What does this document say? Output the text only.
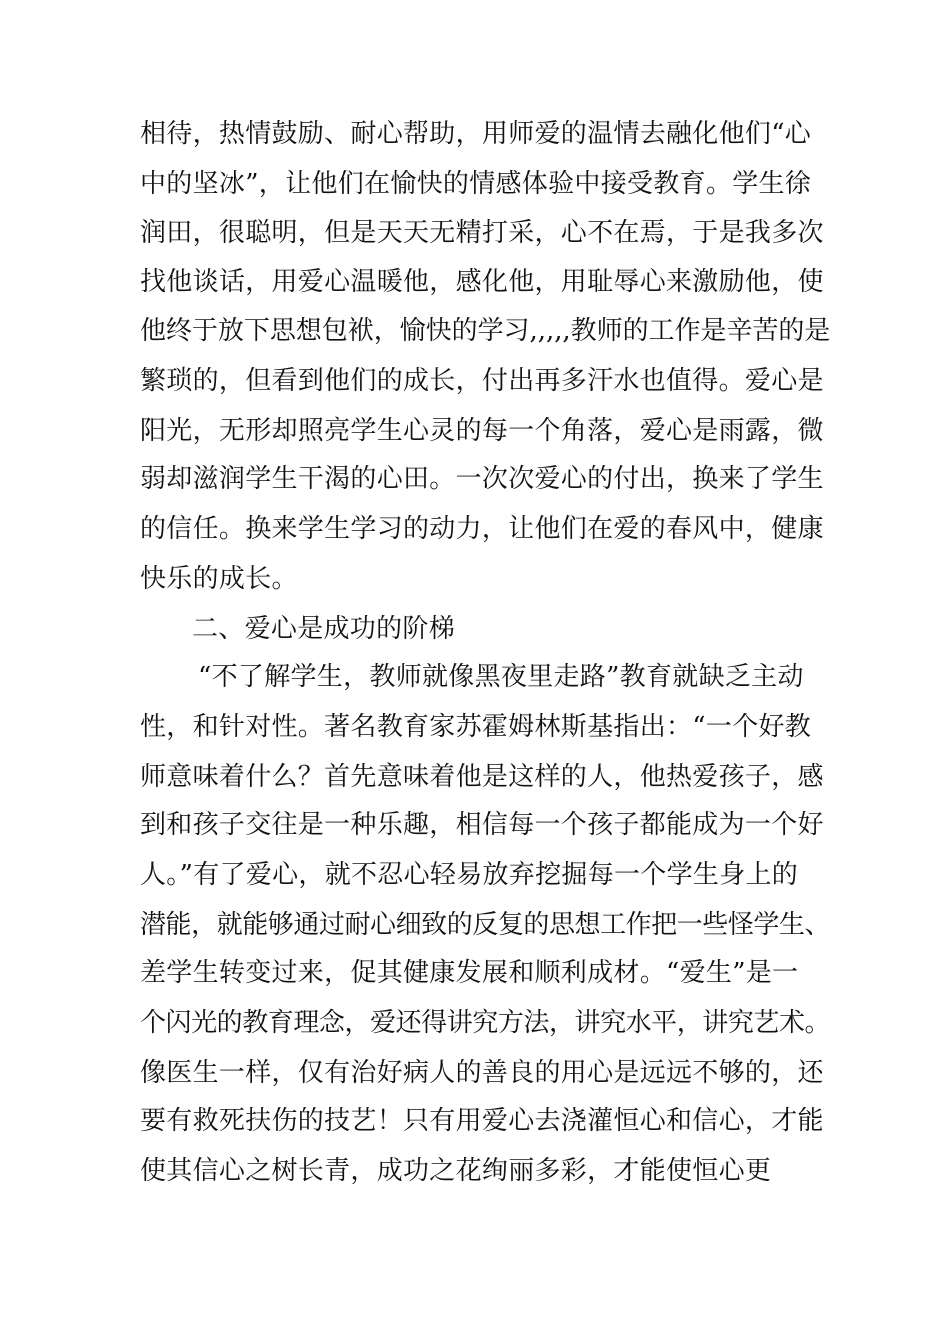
相待，热情鼓励、耐心帮助，用师爱的温情去融化他们“心
中的坚冰”，让他们在愉快的情感体验中接受教育。学生徐
润田，很聪明，但是天天无精打采，心不在焉，于是我多次
找他谈话，用爱心温暖他，感化他，用耻辱心来激励他，使
他终于放下思想包袱，愉快的学习,,,,,教师的工作是辛苦的是
繁琐的，但看到他们的成长，付出再多汗水也值得。爱心是
阳光，无形却照亮学生心灵的每一个角落，爱心是雨露，微
弱却滋润学生干渴的心田。一次次爱心的付出，换来了学生
的信任。换来学生学习的动力，让他们在爱的春风中，健康
快乐的成长。
二、爱心是成功的阶梯
“不了解学生，教师就像黑夜里走路”教育就缺乏主动
性，和针对性。著名教育家苏霍姆林斯基指出：“一个好教
师意味着什么？首先意味着他是这样的人，他热爱孩子，感
到和孩子交往是一种乐趣，相信每一个孩子都能成为一个好
人。”有了爱心，就不忍心轻易放弃挖掘每一个学生身上的
潜能，就能够通过耐心细致的反复的思想工作把一些怪学生、
差学生转变过来，促其健康发展和顺利成材。“爱生”是一
个闪光的教育理念，爱还得讲究方法，讲究水平，讲究艺术。
像医生一样，仅有治好病人的善良的用心是远远不够的，还
要有救死扶伤的技艺！只有用爱心去浇灌恒心和信心，才能
使其信心之树长青，成功之花绚丽多彩，才能使恒心更
